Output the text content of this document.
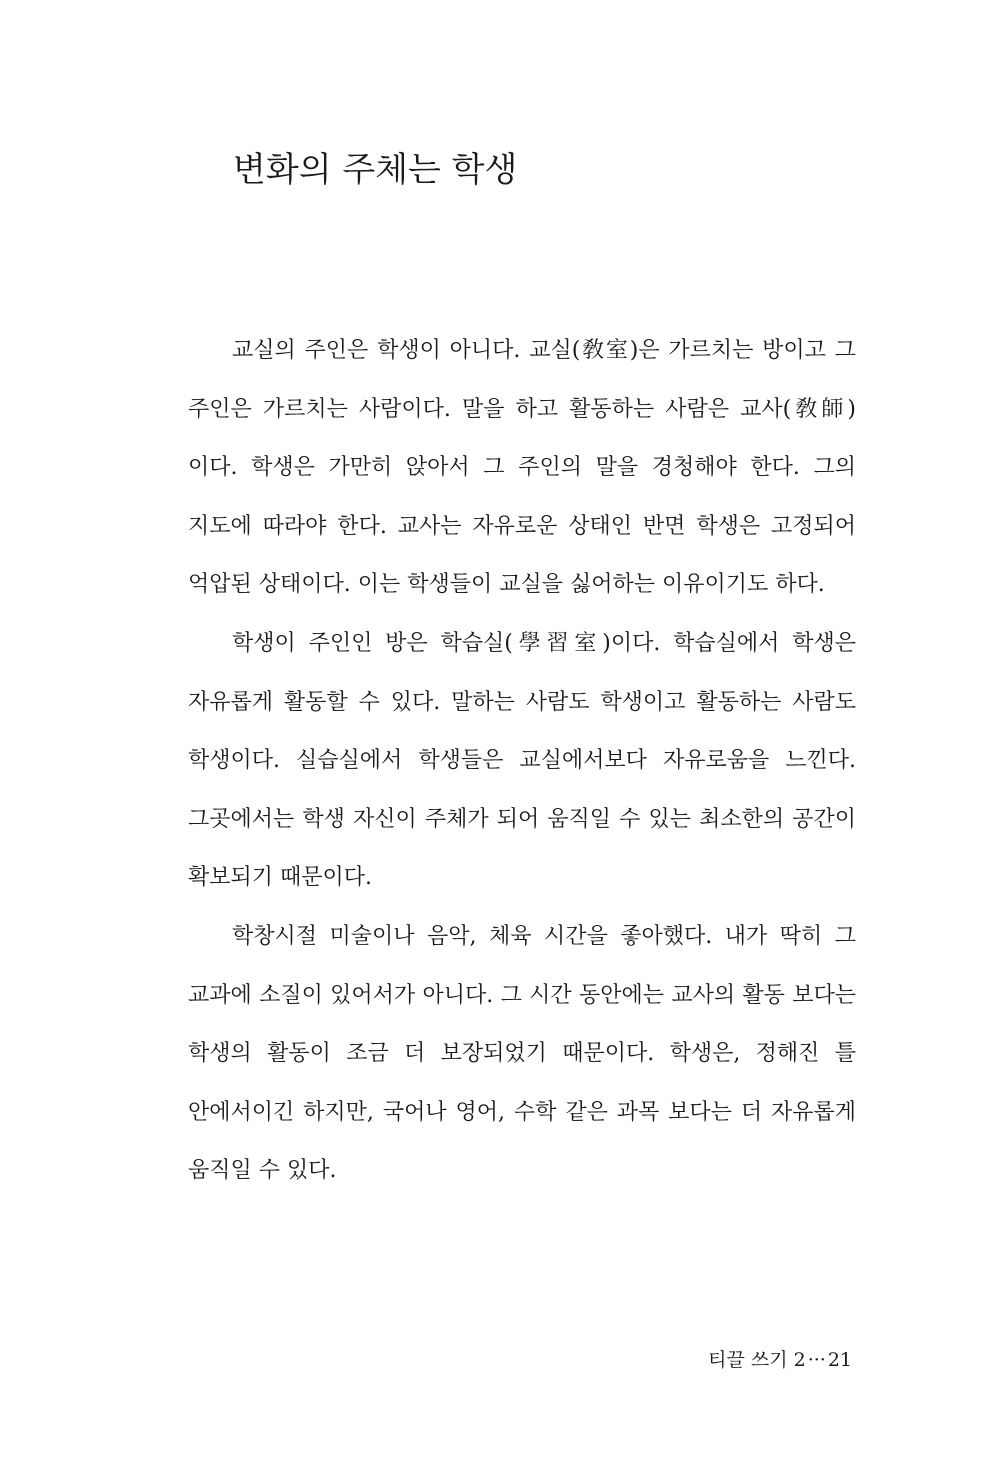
변화의 주체는 학생

교실의 주인은 학생이 아니다. 교실(敎室)은 가르치는 방이고 그 주인은 가르치는 사람이다. 말을 하고 활동하는 사람은 교사(敎師)이다. 학생은 가만히 앉아서 그 주인의 말을 경청해야 한다. 그의 지도에 따라야 한다. 교사는 자유로운 상태인 반면 학생은 고정되어 억압된 상태이다. 이는 학생들이 교실을 싫어하는 이유이기도 하다.

학생이 주인인 방은 학습실(學習室)이다. 학습실에서 학생은 자유롭게 활동할 수 있다. 말하는 사람도 학생이고 활동하는 사람도 학생이다. 실습실에서 학생들은 교실에서보다 자유로움을 느낀다. 그곳에서는 학생 자신이 주체가 되어 움직일 수 있는 최소한의 공간이 확보되기 때문이다.

학창시절 미술이나 음악, 체육 시간을 좋아했다. 내가 딱히 그 교과에 소질이 있어서가 아니다. 그 시간 동안에는 교사의 활동 보다는 학생의 활동이 조금 더 보장되었기 때문이다. 학생은, 정해진 틀 안에서이긴 하지만, 국어나 영어, 수학 같은 과목 보다는 더 자유롭게 움직일 수 있다.

티끌 쓰기 2 ··· 21
